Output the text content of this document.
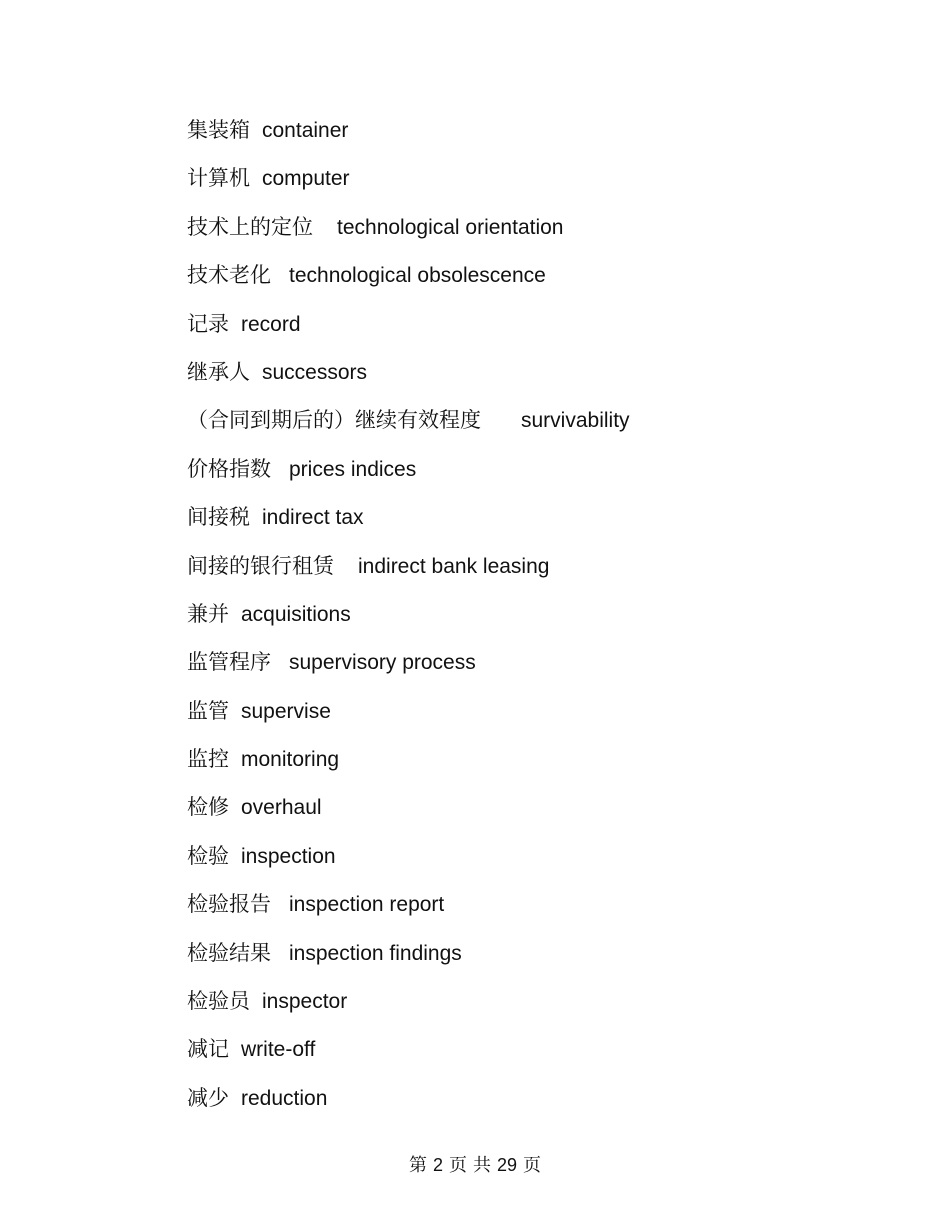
集装箱 container
计算机 computer
技术上的定位 technological orientation
技术老化 technological obsolescence
记录 record
继承人 successors
（合同到期后的）继续有效程度 survivability
价格指数 prices indices
间接税 indirect tax
间接的银行租赁 indirect bank leasing
兼并 acquisitions
监管程序 supervisory process
监管 supervise
监控 monitoring
检修 overhaul
检验 inspection
检验报告 inspection report
检验结果 inspection findings
检验员 inspector
减记 write-off
减少 reduction
第 2 页 共 29 页
